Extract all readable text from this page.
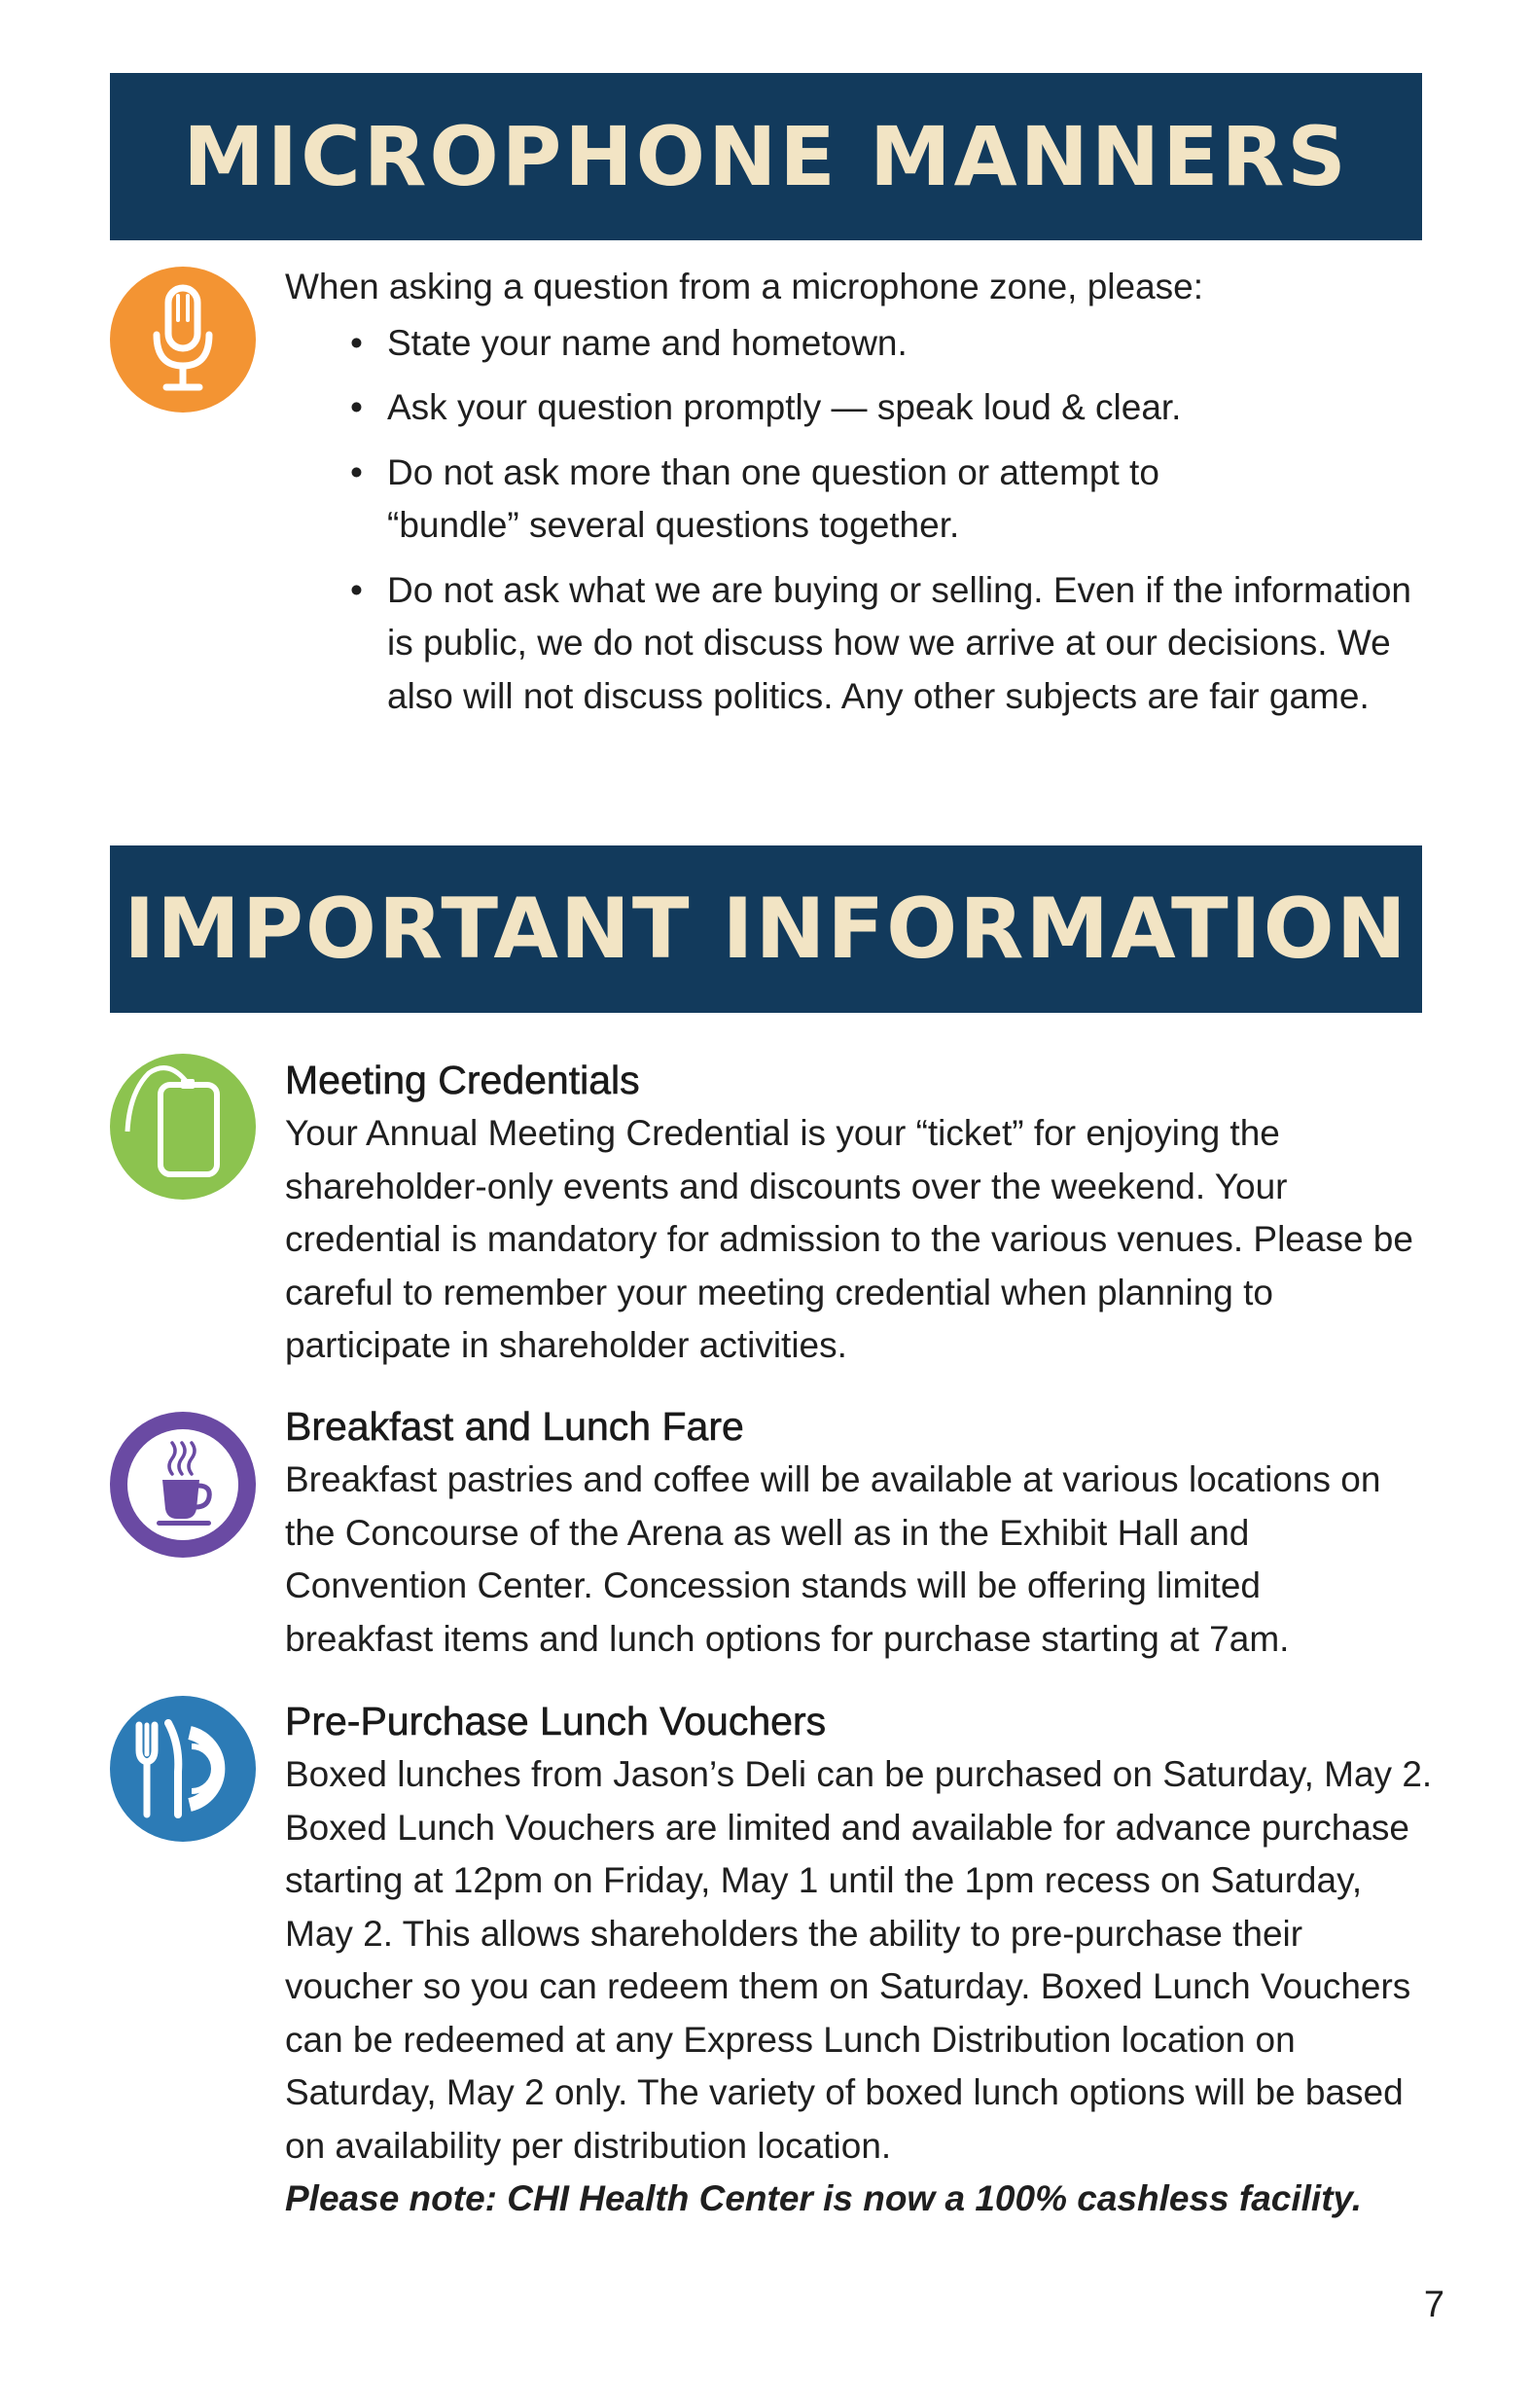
MICROPHONE MANNERS

When asking a question from a microphone zone, please:

• State your name and hometown.
• Ask your question promptly — speak loud & clear.
• Do not ask more than one question or attempt to “bundle” several questions together.
• Do not ask what we are buying or selling. Even if the information is public, we do not discuss how we arrive at our decisions. We also will not discuss politics. Any other subjects are fair game.
IMPORTANT INFORMATION
Meeting Credentials

Your Annual Meeting Credential is your “ticket” for enjoying the shareholder-only events and discounts over the weekend. Your credential is mandatory for admission to the various venues. Please be careful to remember your meeting credential when planning to participate in shareholder activities.

Breakfast and Lunch Fare

Breakfast pastries and coffee will be available at various locations on the Concourse of the Arena as well as in the Exhibit Hall and Convention Center. Concession stands will be offering limited breakfast items and lunch options for purchase starting at 7am.

Pre-Purchase Lunch Vouchers

Boxed lunches from Jason’s Deli can be purchased on Saturday, May 2. Boxed Lunch Vouchers are limited and available for advance purchase starting at 12pm on Friday, May 1 until the 1pm recess on Saturday, May 2. This allows shareholders the ability to pre-purchase their voucher so you can redeem them on Saturday. Boxed Lunch Vouchers can be redeemed at any Express Lunch Distribution location on Saturday, May 2 only. The variety of boxed lunch options will be based on availability per distribution location.

Please note: CHI Health Center is now a 100% cashless facility.

7
